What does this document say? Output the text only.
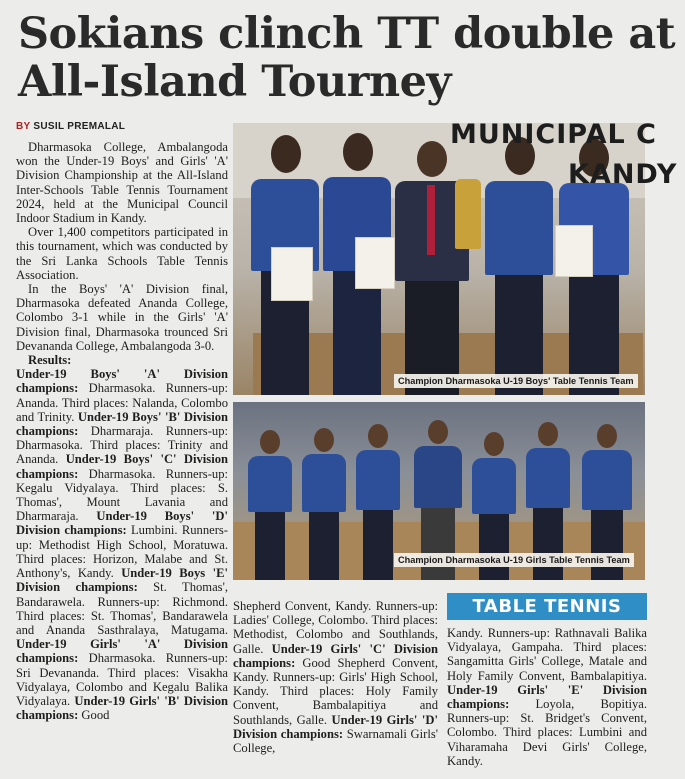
Sokians clinch TT double at All-Island Tourney
BY SUSIL PREMALAL

Dharmasoka College, Ambalangoda won the Under-19 Boys' and Girls' 'A' Division Championship at the All-Island Inter-Schools Table Tennis Tournament 2024, held at the Municipal Council Indoor Stadium in Kandy.

Over 1,400 competitors participated in this tournament, which was conducted by the Sri Lanka Schools Table Tennis Association.

In the Boys' 'A' Division final, Dharmasoka defeated Ananda College, Colombo 3-1 while in the Girls' 'A' Division final, Dharmasoka trounced Sri Devananda College, Ambalangoda 3-0.

Results:

Under-19 Boys' 'A' Division champions: Dharmasoka. Runners-up: Ananda. Third places: Nalanda, Colombo and Trinity. Under-19 Boys' 'B' Division champions: Dharmaraja. Runners-up: Dharmasoka. Third places: Trinity and Ananda. Under-19 Boys' 'C' Division champions: Dharmasoka. Runners-up: Kegalu Vidyalaya. Third places: S. Thomas', Mount Lavania and Dharmaraja. Under-19 Boys' 'D' Division champions: Lumbini. Runners-up: Methodist High School, Moratuwa. Third places: Horizon, Malabe and St. Anthony's, Kandy. Under-19 Boys 'E' Division champions: St. Thomas', Bandarawela. Runners-up: Richmond. Third places: St. Thomas', Bandarawela and Ananda Sasthralaya, Matugama. Under-19 Girls' 'A' Division champions: Dharmasoka. Runners-up: Sri Devananda. Third places: Visakha Vidyalaya, Colombo and Kegalu Balika Vidyalaya. Under-19 Girls' 'B' Division champions: Good

MUNICIPAL C
KANDY
Champion Dharmasoka U-19 Boys' Table Tennis Team
Champion Dharmasoka U-19 Girls Table Tennis Team
Shepherd Convent, Kandy. Runners-up: Ladies' College, Colombo. Third places: Methodist, Colombo and Southlands, Galle. Under-19 Girls' 'C' Division champions: Good Shepherd Convent, Kandy. Runners-up: Girls' High School, Kandy. Third places: Holy Family Convent, Bambalapitiya and Southlands, Galle. Under-19 Girls' 'D' Division champions: Swarnamali Girls' College,
TABLE TENNIS
Kandy. Runners-up: Rathnavali Balika Vidyalaya, Gampaha. Third places: Sangamitta Girls' College, Matale and Holy Family Convent, Bambalapitiya. Under-19 Girls' 'E' Division champions: Loyola, Bopitiya. Runners-up: St. Bridget's Convent, Colombo. Third places: Lumbini and Viharamaha Devi Girls' College, Kandy.
